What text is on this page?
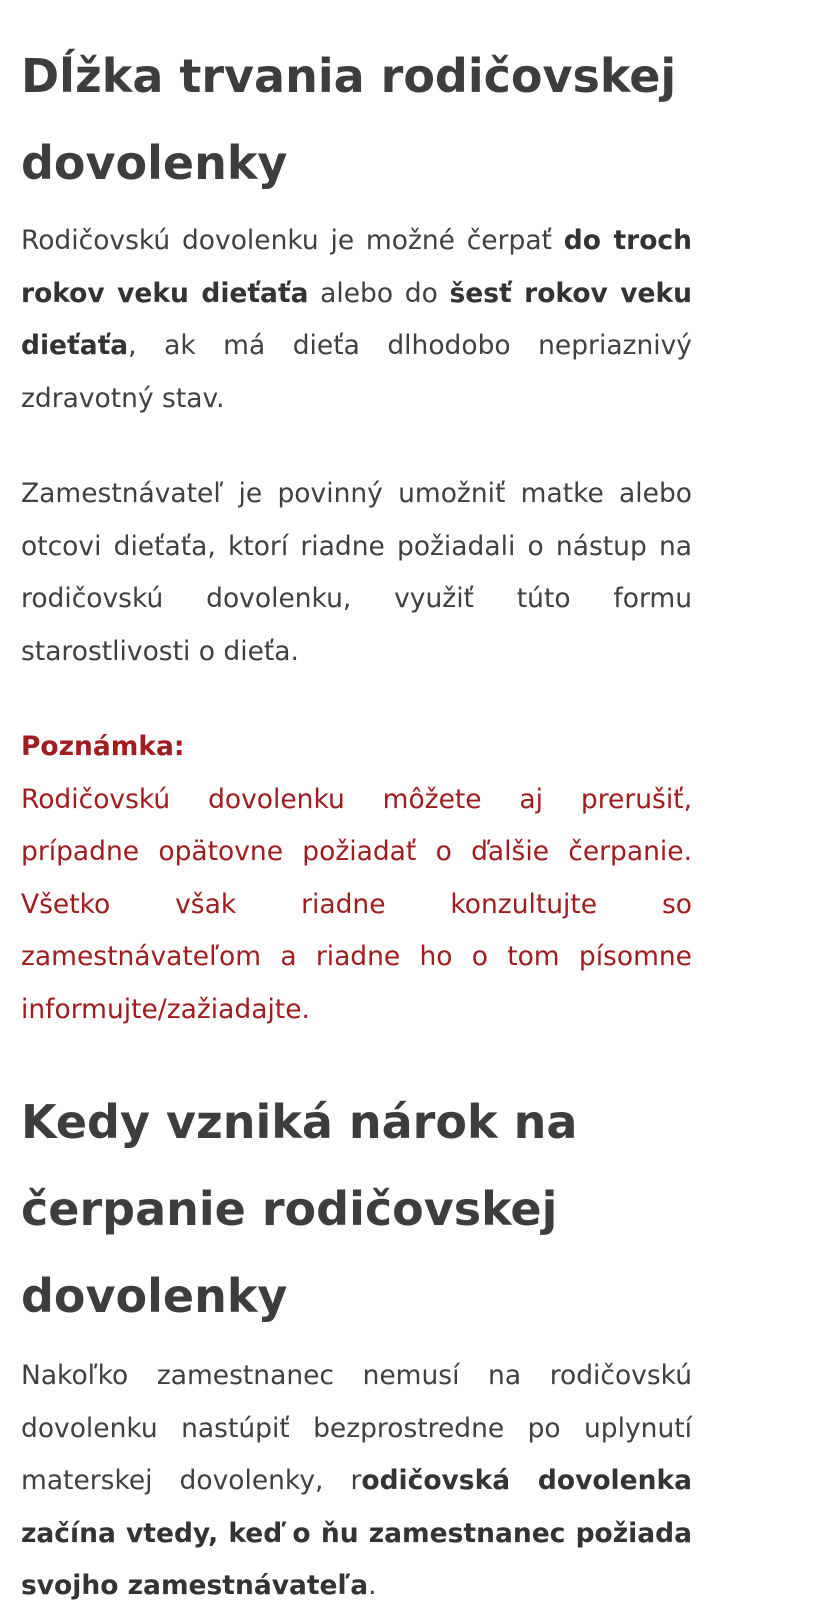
Dĺžka trvania rodičovskej dovolenky

Rodičovskú dovolenku je možné čerpať do troch rokov veku dieťaťa alebo do šesť rokov veku dieťaťa, ak má dieťa dlhodobo nepriaznivý zdravotný stav.

Zamestnávateľ je povinný umožniť matke alebo otcovi dieťaťa, ktorí riadne požiadali o nástup na rodičovskú dovolenku, využiť túto formu starostlivosti o dieťa.

Poznámka:
Rodičovskú dovolenku môžete aj prerušiť, prípadne opätovne požiadať o ďalšie čerpanie. Všetko však riadne konzultujte so zamestnávateľom a riadne ho o tom písomne informujte/zažiadajte.

Kedy vzniká nárok na čerpanie rodičovskej dovolenky

Nakoľko zamestnanec nemusí na rodičovskú dovolenku nastúpiť bezprostredne po uplynutí materskej dovolenky, rodičovská dovolenka začína vtedy, keď o ňu zamestnanec požiada svojho zamestnávateľa.
